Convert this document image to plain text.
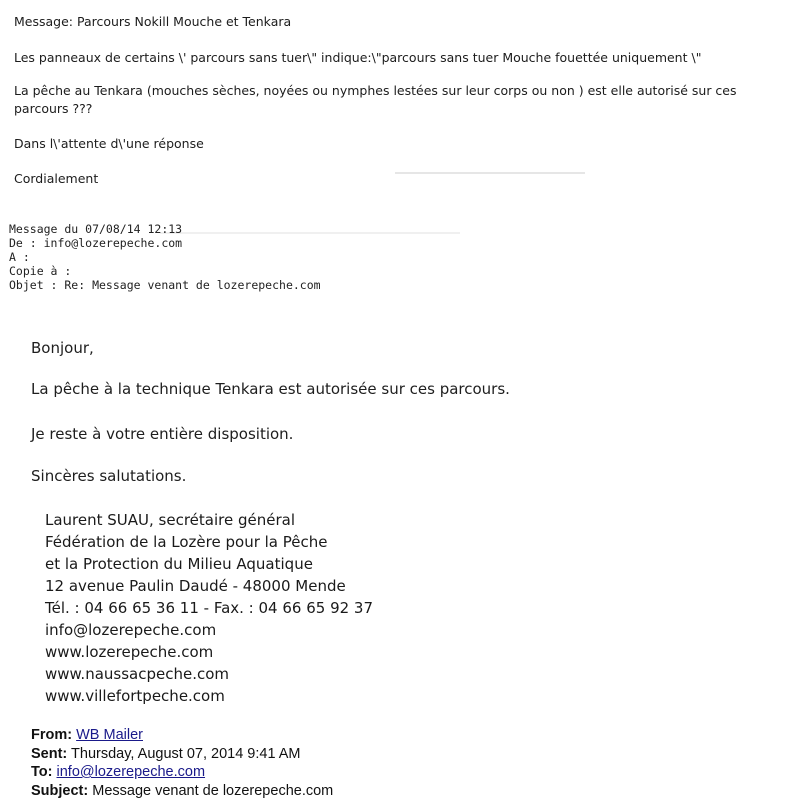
Message: Parcours Nokill Mouche et Tenkara
Les panneaux de certains \' parcours sans tuer\" indique:\"parcours sans tuer Mouche fouettée uniquement \"
La pêche au Tenkara (mouches sèches, noyées ou nymphes lestées sur leur corps ou non ) est elle autorisé sur ces
parcours ???
Dans l\'attente d\'une réponse
Cordialement
Message du 07/08/14 12:13
De : info@lozerepeche.com
A :
Copie à :
Objet : Re: Message venant de lozerepeche.com
Bonjour,
La pêche à la technique Tenkara est autorisée sur ces parcours.
Je reste à votre entière disposition.
Sincères salutations.
Laurent SUAU, secrétaire général
Fédération de la Lozère pour la Pêche
et la Protection du Milieu Aquatique
12 avenue Paulin Daudé - 48000 Mende
Tél. : 04 66 65 36 11 - Fax. : 04 66 65 92 37
info@lozerepeche.com
www.lozerepeche.com
www.naussacpeche.com
www.villefortpeche.com
From: WB Mailer
Sent: Thursday, August 07, 2014 9:41 AM
To: info@lozerepeche.com
Subject: Message venant de lozerepeche.com
